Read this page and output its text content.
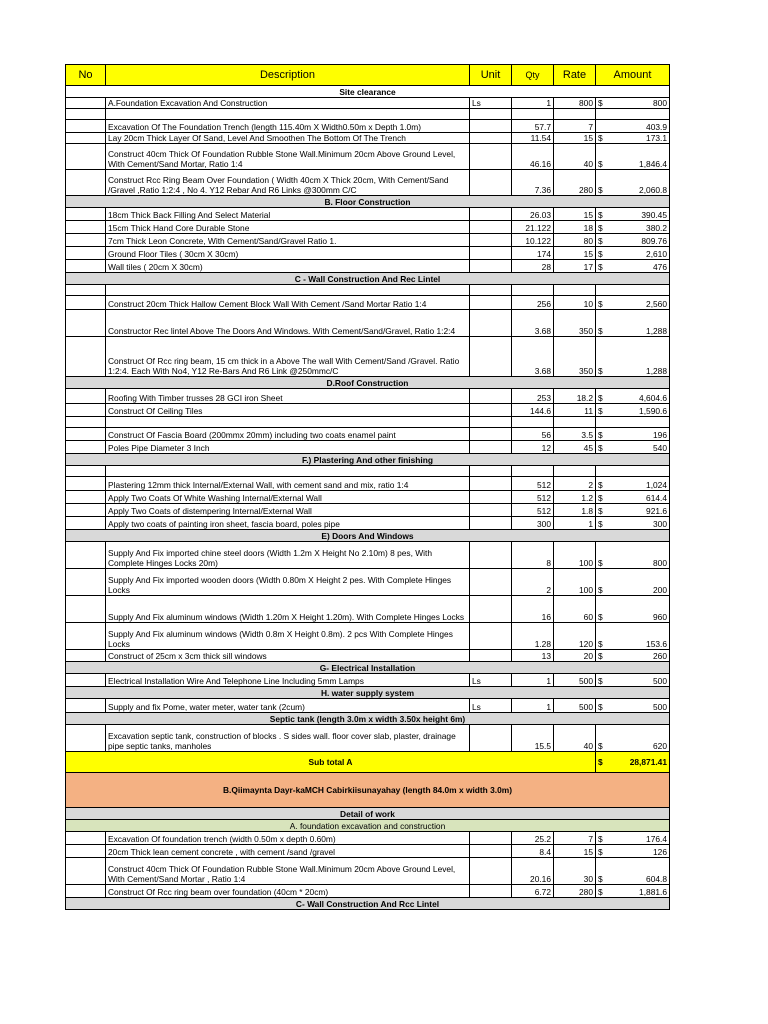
No	Description	Unit	Qty	Rate	Amount	
Site clearance						
	A.Foundation Excavation And Construction	Ls	1	800	$	800

	Excavation Of The Foundation Trench (length 115.40m X Width0.50m x Depth 1.0m)		57.7	7		403.9
	Lay 20cm Thick Layer Of Sand, Level And Smoothen The Bottom Of The Trench		11.54	15	$	173.1
	Construct 40cm Thick Of Foundation Rubble Stone Wall.Minimum 20cm Above Ground Level, With Cement/Sand Mortar, Ratio 1:4		46.16	40	$	1,846.4
	Construct Rcc Ring Beam Over Foundation ( Width 40cm X Thick 20cm, With Cement/Sand /Gravel ,Ratio 1:2:4 , No 4. Y12 Rebar And R6 Links @300mm C/C		7.36	280	$	2,060.8
B. Floor Construction						
	18cm Thick Back Filling And Select Material		26.03	15	$	390.45
	15cm Thick Hand Core Durable Stone		21.122	18	$	380.2
	7cm Thick Leon Concrete, With Cement/Sand/Gravel Ratio 1.		10.122	80	$	809.76
	Ground Floor Tiles ( 30cm X 30cm)		174	15	$	2,610
	Wall tiles ( 20cm X 30cm)		28	17	$	476
C - Wall Construction And Rec Lintel						

	Construct 20cm Thick Hallow Cement Block Wall With Cement /Sand Mortar Ratio 1:4		256	10	$	2,560
	Constructor Rec lintel Above The Doors And Windows. With Cement/Sand/Gravel, Ratio 1:2:4		3.68	350	$	1,288
	Construct Of Rcc ring beam, 15 cm thick in a Above The wall With Cement/Sand /Gravel. Ratio 1:2:4. Each With No4, Y12 Re-Bars And R6 Link @250mmc/C		3.68	350	$	1,288
D.Roof Construction						
	Roofing With Timber trusses 28 GCI iron Sheet		253	18.2	$	4,604.6
	Construct Of Ceiling Tiles		144.6	11	$	1,590.6

	Construct Of Fascia Board (200mmx 20mm) including two coats enamel paint		56	3.5	$	196
	Poles Pipe Diameter 3 Inch		12	45	$	540
F.) Plastering And other finishing						

	Plastering 12mm thick Internal/External Wall, with cement sand and mix, ratio 1:4		512	2	$	1,024
	Apply Two Coats Of White Washing Internal/External Wall		512	1.2	$	614.4
	Apply Two Coats of distempering Internal/External Wall		512	1.8	$	921.6
	Apply two coats of painting iron sheet, fascia board, poles pipe		300	1	$	300
E) Doors And Windows						
	Supply And Fix imported chine steel doors (Width 1.2m X Height No 2.10m) 8 pes, With Complete Hinges Locks 20m)		8	100	$	800
	Supply And Fix imported wooden doors (Width 0.80m X Height 2 pes. With Complete Hinges Locks		2	100	$	200
	Supply And Fix aluminum windows (Width 1.20m X Height 1.20m). With Complete Hinges Locks		16	60	$	960
	Supply And Fix aluminum windows (Width 0.8m X Height 0.8m). 2 pcs With Complete Hinges Locks		1.28	120	$	153.6
	Construct of 25cm x 3cm thick sill windows		13	20	$	260
G- Electrical Installation						
	Electrical Installation Wire And Telephone Line Including 5mm Lamps	Ls	1	500	$	500
H. water supply system						
	Supply and fix Pome, water meter, water tank (2cum)	Ls	1	500	$	500
Septic tank (length 3.0m x width 3.50x height 6m)						
	Excavation septic tank, construction of blocks . S sides wall. floor cover slab, plaster, drainage pipe septic tanks, manholes		15.5	40	$	620
Sub total A					$	28,871.41
B.Qiimaynta Dayr-kaMCH Cabirkiisunayahay (length 84.0m x width 3.0m)						
Detail of work						
A. foundation excavation and construction						
	Excavation Of foundation trench (width 0.50m x depth 0.60m)		25.2	7	$	176.4
	20cm Thick lean cement concrete , with cement /sand /gravel		8.4	15	$	126
	Construct 40cm Thick Of Foundation Rubble Stone Wall.Minimum 20cm Above Ground Level, With Cement/Sand Mortar , Ratio 1:4		20.16	30	$	604.8
	Construct Of Rcc ring beam over foundation (40cm * 20cm)		6.72	280	$	1,881.6
C- Wall Construction And Rcc Lintel						
